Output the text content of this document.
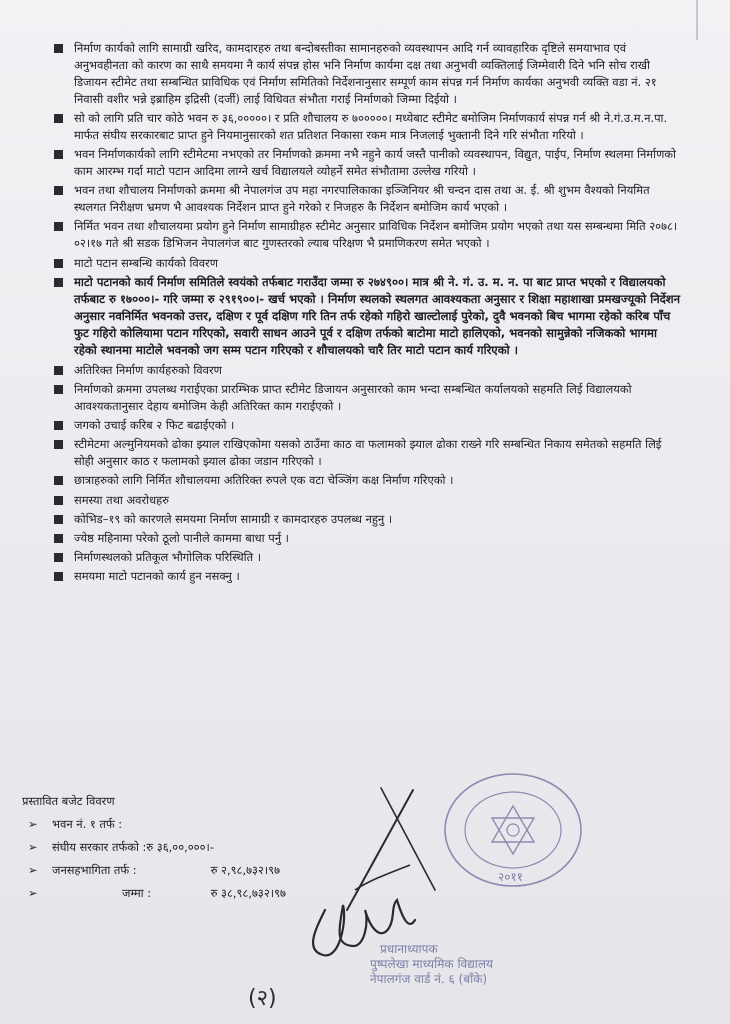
निर्माण कार्यको लागि सामाग्री खरिद, कामदारहरु तथा बन्दोबस्तीका सामानहरुको व्यवस्थापन आदि गर्न व्यावहारिक दृष्टिले समयाभाव एवं अनुभवहीनता को कारण का साथै समयमा नै कार्य संपन्न होस भनि निर्माण कार्यमा दक्ष तथा अनुभवी व्यक्तिलाई जिम्मेवारी दिने भनि सोच राखी डिजायन स्टीमेट तथा सम्बन्धित प्राविधिक एवं निर्माण समितिको निर्देशनानुसार सम्पूर्ण काम संपन्न गर्न निर्माण कार्यका अनुभवी व्यक्ति वडा नं. २१ निवासी वशीर भन्ने इब्राहिम इद्रिसी (दर्जी) लाई विधिवत संभौता गराई निर्माणको जिम्मा दिईयो ।
सो को लागि प्रति चार कोठे भवन रु ३६,०००००। र प्रति शौचालय रु ७०००००। मध्येबाट स्टीमेट बमोजिम निर्माणकार्य संपन्न गर्न श्री ने.गं.उ.म.न.पा. मार्फत संघीय सरकारबाट प्राप्त हुने नियमानुसारको शत प्रतिशत निकासा रकम मात्र निजलाई भुक्तानी दिने गरि संभौता गरियो ।
भवन निर्माणकार्यको लागि स्टीमेटमा नभएको तर निर्माणको क्रममा नभै नहुने कार्य जस्तै पानीको व्यवस्थापन, विद्युत, पाईप, निर्माण स्थलमा निर्माणको काम आरम्भ गर्दा माटो पटान आदिमा लाग्ने खर्च विद्यालयले व्योहर्ने समेत संभौतामा उल्लेख गरियो ।
भवन तथा शौचालय निर्माणको क्रममा श्री नेपालगंज उप महा नगरपालिकाका इञ्जिनियर श्री चन्दन दास तथा अ. ई. श्री शुभम वैश्यको नियमित स्थलगत निरीक्षण भ्रमण भै आवश्यक निर्देशन प्राप्त हुने गरेको र निजहरु कै निर्देशन बमोजिम कार्य भएको ।
निर्मित भवन तथा शौचालयमा प्रयोग हुने निर्माण सामाग्रीहरु स्टीमेट अनुसार प्राविधिक निर्देशन बमोजिम प्रयोग भएको तथा यस सम्बन्धमा मिति २०७८।०२।१७ गते श्री सडक डिभिजन नेपालगंज बाट गुणस्तरको ल्याब परिक्षण भै प्रमाणिकरण समेत भएको ।
माटो पटान सम्बन्धि कार्यको विवरण
माटो पटानको कार्य निर्माण समितिले स्वयंको तर्फबाट गराउँदा जम्मा रु २७४९००। मात्र श्री ने. गं. उ. म. न. पा बाट प्राप्त भएको र विद्यालयको तर्फबाट रु १७०००।- गरि जम्मा रु २९१९००।- खर्च भएको । निर्माण स्थलको स्थलगत आवश्यकता अनुसार र शिक्षा महाशाखा प्रमखज्यूको निर्देशन अनुसार नवनिर्मित भवनको उत्तर, दक्षिण र पूर्व दक्षिण गरि तिन तर्फ रहेको गहिरो खाल्टोलाई पुरेको, दुवै भवनको बिच भागमा रहेको करिब पाँच फुट गहिरो कोलियामा पटान गरिएको, सवारी साधन आउने पूर्व र दक्षिण तर्फको बाटोमा माटो हालिएको, भवनको सामुन्नेको नजिकको भागमा रहेको स्थानमा माटोले भवनको जग सम्म पटान गरिएको र शौचालयको चारै तिर माटो पटान कार्य गरिएको ।
अतिरिक्त निर्माण कार्यहरुको विवरण
निर्माणको क्रममा उपलब्ध गराईएका प्रारम्भिक प्राप्त स्टीमेट डिजायन अनुसारको काम भन्दा सम्बन्धित कर्यालयको सहमति लिई विद्यालयको आवश्यकतानुसार देहाय बमोजिम केही अतिरिक्त काम गराईएको ।
जगको उचाई करिब २ फिट बढाईएको ।
स्टीमेटमा अल्मुनियमको ढोका झ्याल राखिएकोमा यसको ठाउँमा काठ वा फलामको झ्याल ढोका राख्ने गरि सम्बन्धित निकाय समेतको सहमति लिई सोही अनुसार काठ र फलामको झ्याल ढोका जडान गरिएको ।
छात्राहरुको लागि निर्मित शौचालयमा अतिरिक्त रुपले एक वटा चेञ्जिंग कक्ष निर्माण गरिएको ।
समस्या तथा अवरोधहरु
कोभिड–१९ को कारणले समयमा निर्माण सामाग्री र कामदारहरु उपलब्ध नहुनु ।
ज्येष्ठ महिनामा परेको ठूलो पानीले काममा बाधा पर्नु ।
निर्माणस्थलको प्रतिकूल भौगोलिक परिस्थिति ।
समयमा माटो पटानको कार्य हुन नसक्नु ।
प्रस्तावित बजेट विवरण
➢ भवन नं. १ तर्फ :
➢ संघीय सरकार तर्फको :रु ३६,००,०००।-
➢ जनसहभागिता तर्फ :	रु २,९८,७३२।९७
➢	जम्मा :	रु ३८,९८,७३२।९७
२०११
प्रधानाध्यापक
पुष्पलेखा माध्यमिक विद्यालय
नेपालगंज वार्ड नं. ६ (बाँके)
(२)
